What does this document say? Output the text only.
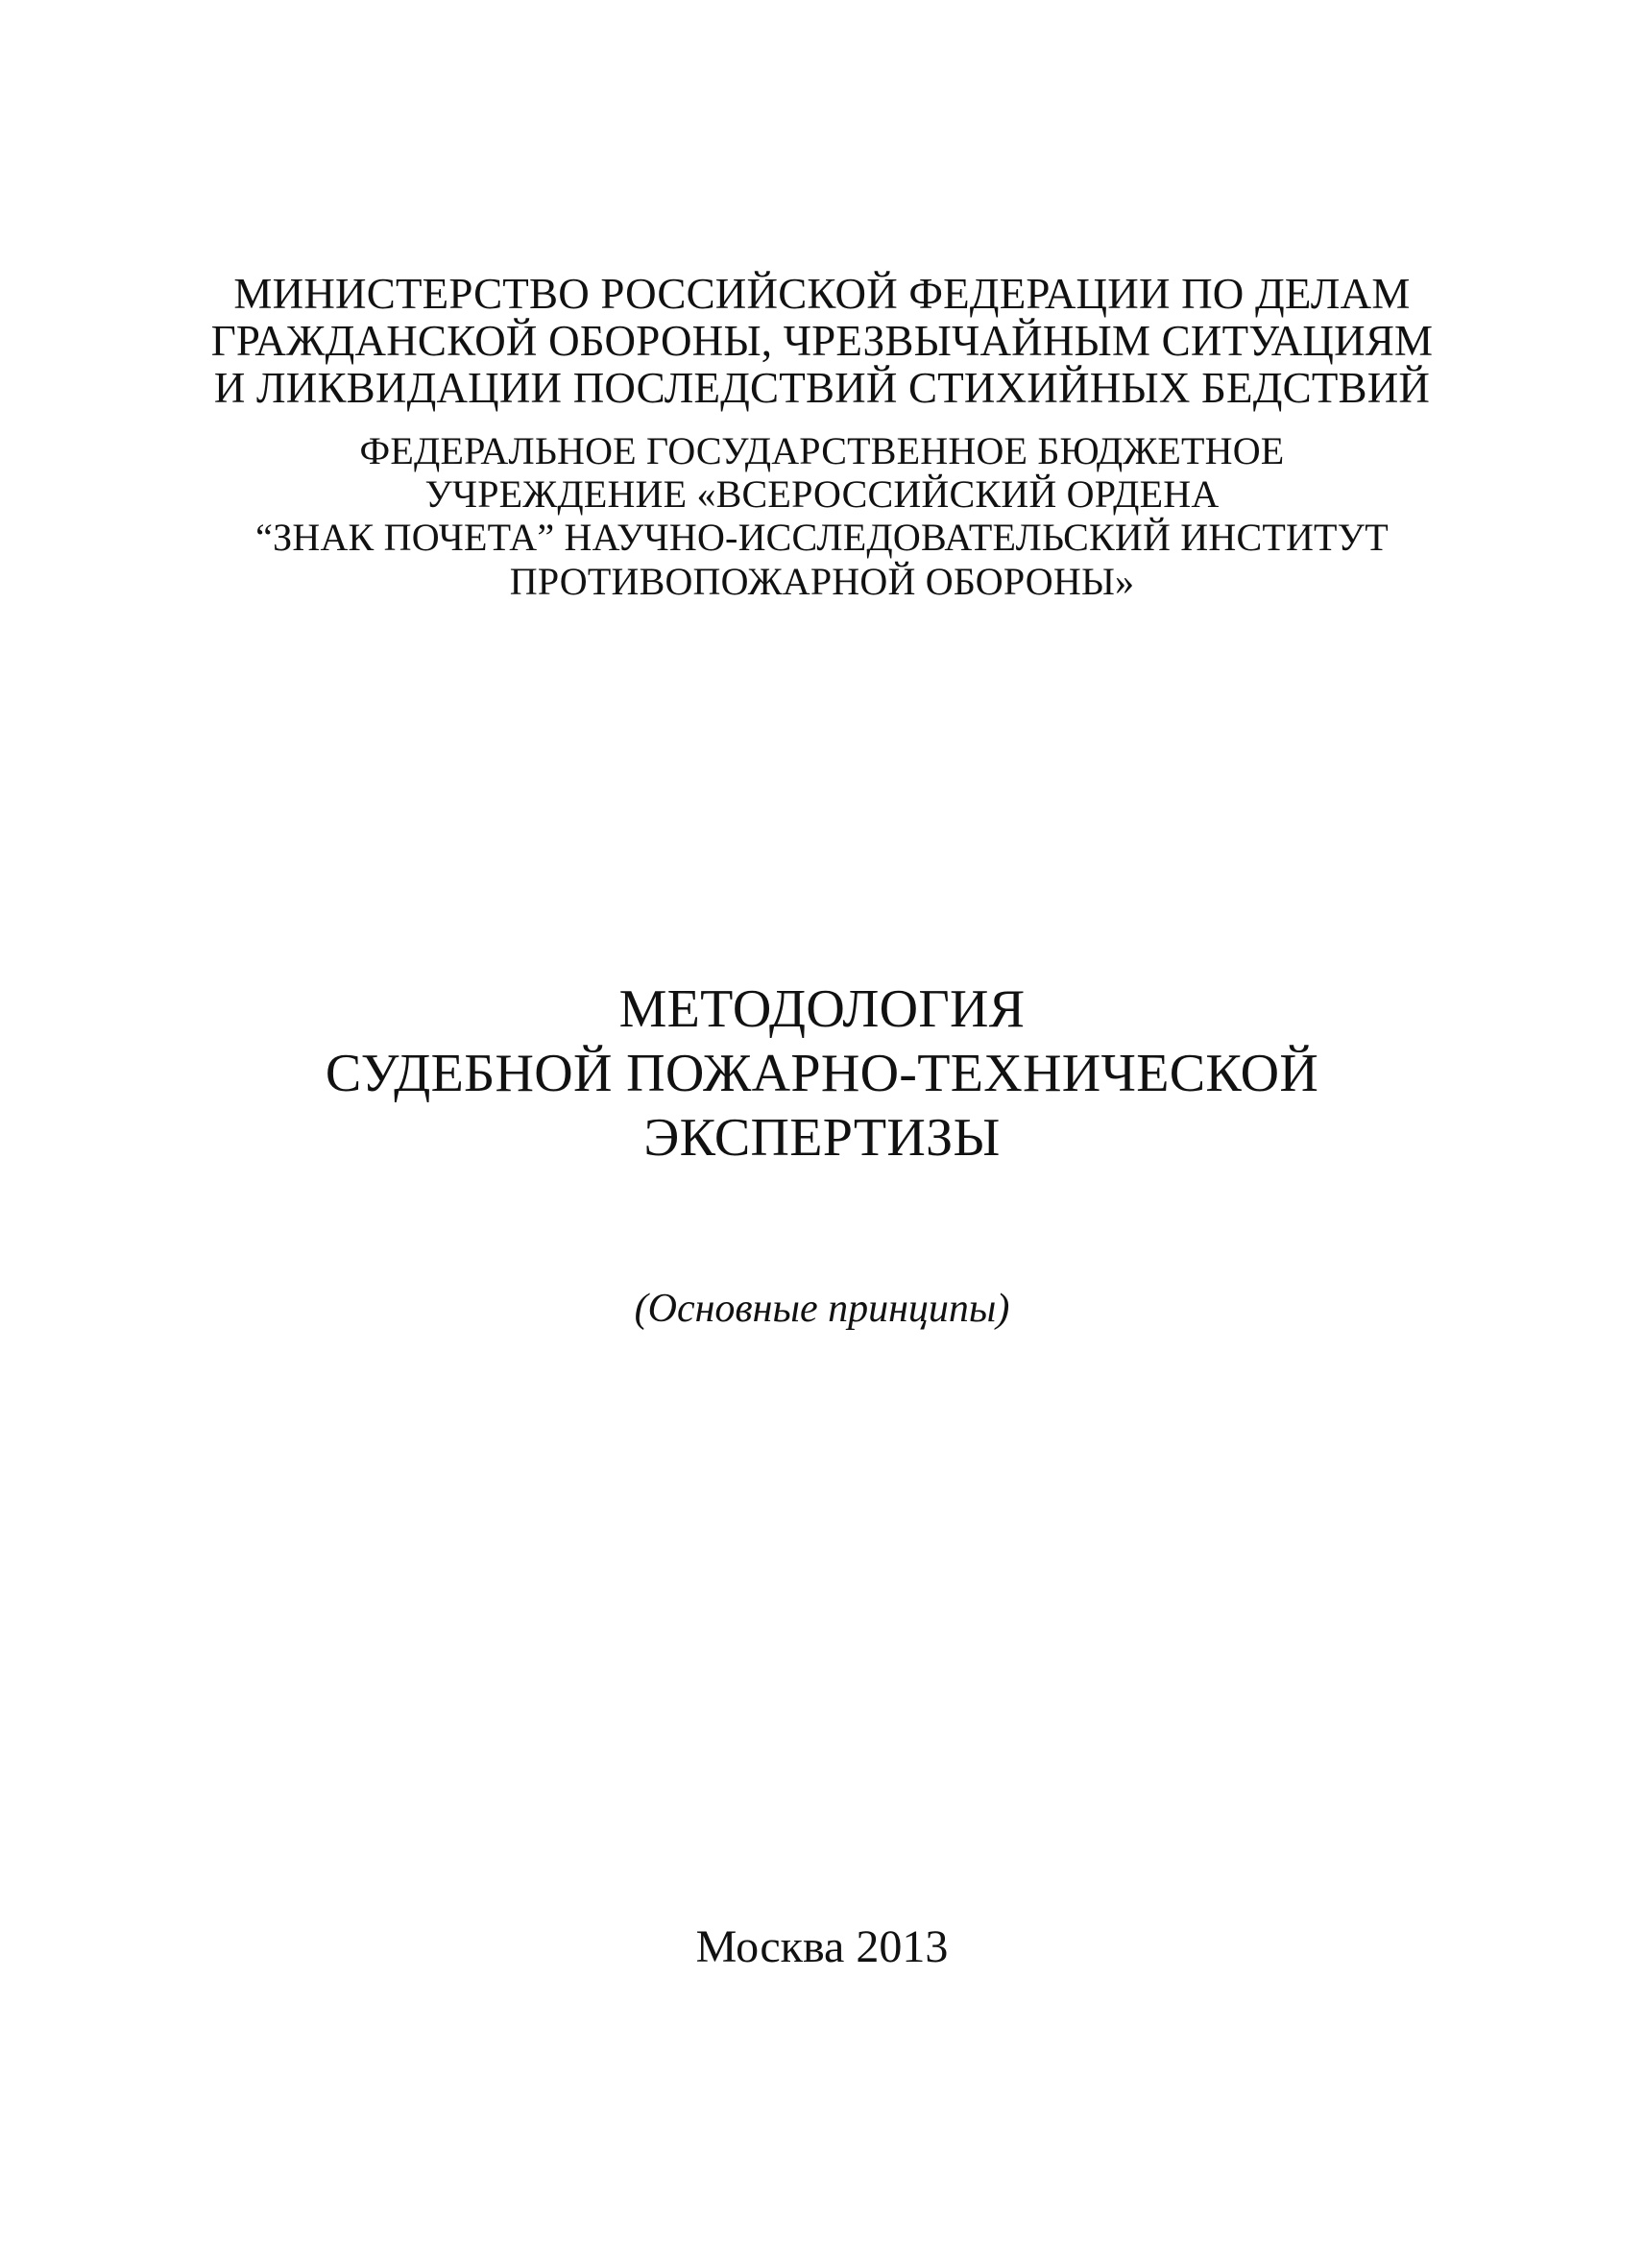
МИНИСТЕРСТВО РОССИЙСКОЙ ФЕДЕРАЦИИ ПО ДЕЛАМ
ГРАЖДАНСКОЙ ОБОРОНЫ, ЧРЕЗВЫЧАЙНЫМ СИТУАЦИЯМ
И ЛИКВИДАЦИИ ПОСЛЕДСТВИЙ СТИХИЙНЫХ БЕДСТВИЙ
ФЕДЕРАЛЬНОЕ ГОСУДАРСТВЕННОЕ БЮДЖЕТНОЕ
УЧРЕЖДЕНИЕ «ВСЕРОССИЙСКИЙ ОРДЕНА
“ЗНАК ПОЧЕТА” НАУЧНО-ИССЛЕДОВАТЕЛЬСКИЙ ИНСТИТУТ
ПРОТИВОПОЖАРНОЙ ОБОРОНЫ»
МЕТОДОЛОГИЯ
СУДЕБНОЙ ПОЖАРНО-ТЕХНИЧЕСКОЙ
ЭКСПЕРТИЗЫ
(Основные принципы)
Москва 2013
